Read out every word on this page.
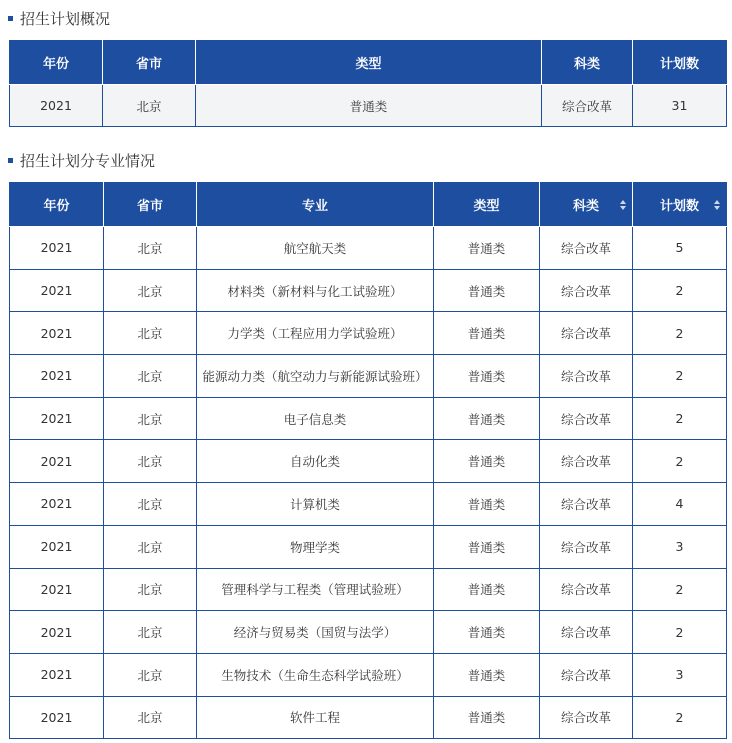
招生计划概况
年份	省市	类型	科类	计划数
2021	北京	普通类	综合改革	31
招生计划分专业情况
年份	省市	专业	类型	科类	计划数

2021	北京	航空航天类	普通类	综合改革	5
2021	北京	材料类（新材料与化工试验班）	普通类	综合改革	2
2021	北京	力学类（工程应用力学试验班）	普通类	综合改革	2
2021	北京	能源动力类（航空动力与新能源试验班）	普通类	综合改革	2
2021	北京	电子信息类	普通类	综合改革	2
2021	北京	自动化类	普通类	综合改革	2
2021	北京	计算机类	普通类	综合改革	4
2021	北京	物理学类	普通类	综合改革	3
2021	北京	管理科学与工程类（管理试验班）	普通类	综合改革	2
2021	北京	经济与贸易类（国贸与法学）	普通类	综合改革	2
2021	北京	生物技术（生命生态科学试验班）	普通类	综合改革	3
2021	北京	软件工程	普通类	综合改革	2
